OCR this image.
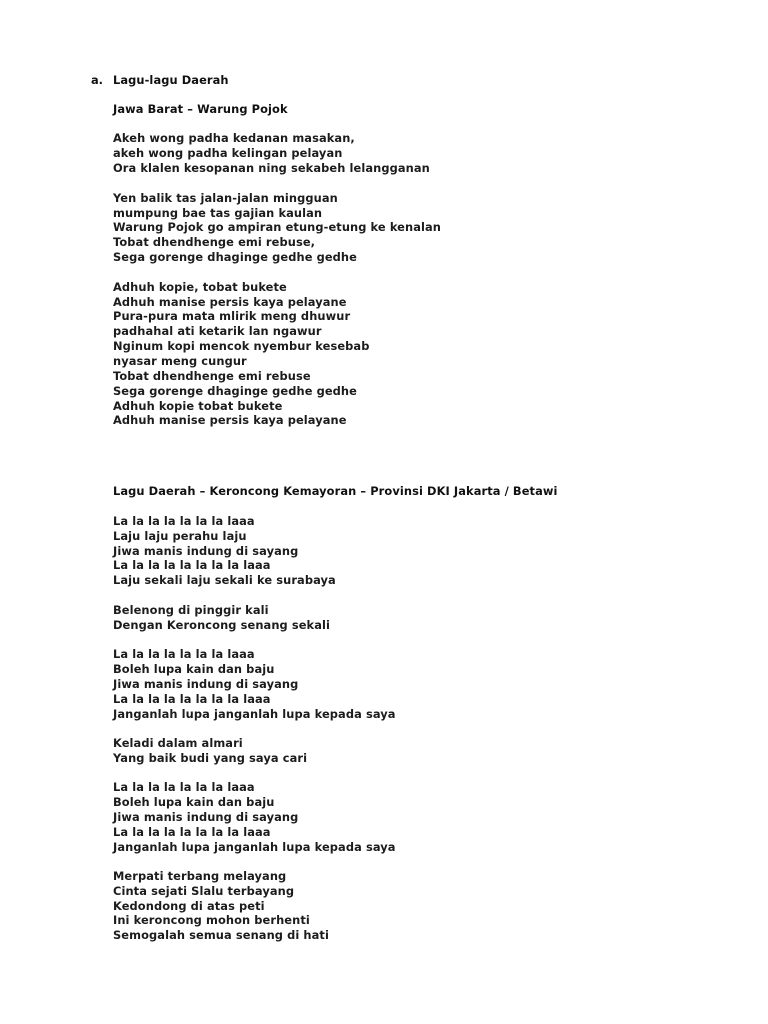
a. Lagu-lagu Daerah
Jawa Barat – Warung Pojok
Akeh wong padha kedanan masakan,
akeh wong padha kelingan pelayan
Ora klalen kesopanan ning sekabeh lelangganan
Yen balik tas jalan-jalan mingguan
mumpung bae tas gajian kaulan
Warung Pojok go ampiran etung-etung ke kenalan
Tobat dhendhenge emi rebuse,
Sega gorenge dhaginge gedhe gedhe
Adhuh kopie, tobat bukete
Adhuh manise persis kaya pelayane
Pura-pura mata mlirik meng dhuwur
padhahal ati ketarik lan ngawur
Nginum kopi mencok nyembur kesebab
nyasar meng cungur
Tobat dhendhenge emi rebuse
Sega gorenge dhaginge gedhe gedhe
Adhuh kopie tobat bukete
Adhuh manise persis kaya pelayane
Lagu Daerah – Keroncong Kemayoran – Provinsi DKI Jakarta / Betawi
La la la la la la la laaa
Laju laju perahu laju
Jiwa manis indung di sayang
La la la la la la la la laaa
Laju sekali laju sekali ke surabaya
Belenong di pinggir kali
Dengan Keroncong senang sekali
La la la la la la la laaa
Boleh lupa kain dan baju
Jiwa manis indung di sayang
La la la la la la la la laaa
Janganlah lupa janganlah lupa kepada saya
Keladi dalam almari
Yang baik budi yang saya cari
La la la la la la la laaa
Boleh lupa kain dan baju
Jiwa manis indung di sayang
La la la la la la la la laaa
Janganlah lupa janganlah lupa kepada saya
Merpati terbang melayang
Cinta sejati Slalu terbayang
Kedondong di atas peti
Ini keroncong mohon berhenti
Semogalah semua senang di hati
